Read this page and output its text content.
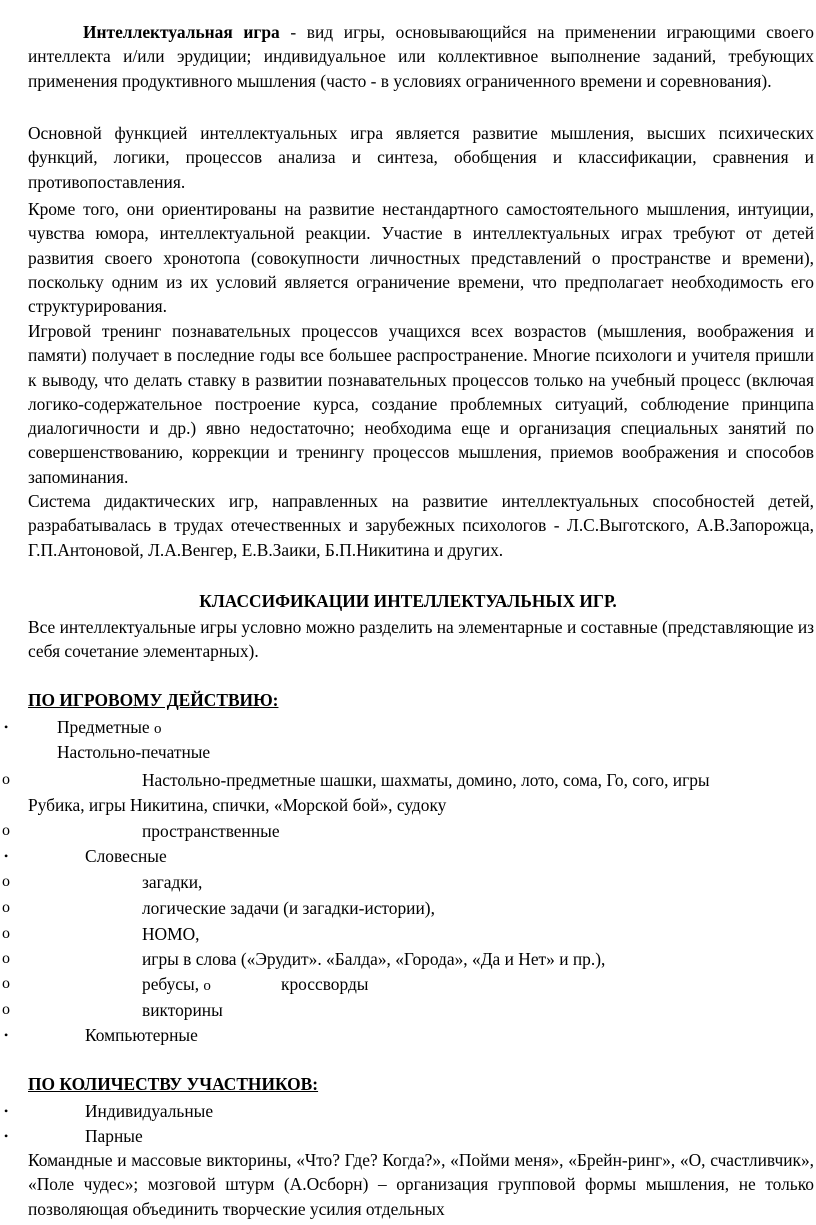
Интеллектуальная игра - вид игры, основывающийся на применении играющими своего интеллекта и/или эрудиции; индивидуальное или коллективное выполнение заданий, требующих применения продуктивного мышления (часто - в условиях ограниченного времени и соревнования).

Основной функцией интеллектуальных игра является развитие мышления, высших психических функций, логики, процессов анализа и синтеза, обобщения и классификации, сравнения и противопоставления.

Кроме того, они ориентированы на развитие нестандартного самостоятельного мышления, интуиции, чувства юмора, интеллектуальной реакции. Участие в интеллектуальных играх требуют от детей развития своего хронотопа (совокупности личностных представлений о пространстве и времени), поскольку одним из их условий является ограничение времени, что предполагает необходимость его структурирования.

Игровой тренинг познавательных процессов учащихся всех возрастов (мышления, воображения и памяти) получает в последние годы все большее распространение. Многие психологи и учителя пришли к выводу, что делать ставку в развитии познавательных процессов только на учебный процесс (включая логико-содержательное построение курса, создание проблемных ситуаций, соблюдение принципа диалогичности и др.) явно недостаточно; необходима еще и организация специальных занятий по совершенствованию, коррекции и тренингу процессов мышления, приемов воображения и способов запоминания.

Система дидактических игр, направленных на развитие интеллектуальных способностей детей, разрабатывалась в трудах отечественных и зарубежных психологов - Л.С.Выготского, А.В.Запорожца, Г.П.Антоновой, Л.А.Венгер, Е.В.Заики, Б.П.Никитина и других.

КЛАССИФИКАЦИИ ИНТЕЛЛЕКТУАЛЬНЫХ ИГР.

Все интеллектуальные игры условно можно разделить на элементарные и составные (представляющие из себя сочетание элементарных).

ПО ИГРОВОМУ ДЕЙСТВИЮ:

•	Предметные o

Настольно-печатные

o	Настольно-предметные шашки, шахматы, домино, лото, сома, Го, сого, игры

Рубика, игры Никитина, спички, «Морской бой», судоку

o	пространственные

•	Словесные

o	загадки,

o	логические задачи (и загадки-истории),

o	НОМО,

o	игры в слова («Эрудит». «Балда», «Города», «Да и Нет» и пр.),

o	ребусы, o	кроссворды

o	викторины

•	Компьютерные

ПО КОЛИЧЕСТВУ УЧАСТНИКОВ:

•	Индивидуальные

•	Парные

Командные и массовые викторины, «Что? Где? Когда?», «Пойми меня», «Брейн-ринг», «О, счастливчик», «Поле чудес»; мозговой штурм (А.Осборн) – организация групповой формы мышления, не только позволяющая объединить творческие усилия отдельных
